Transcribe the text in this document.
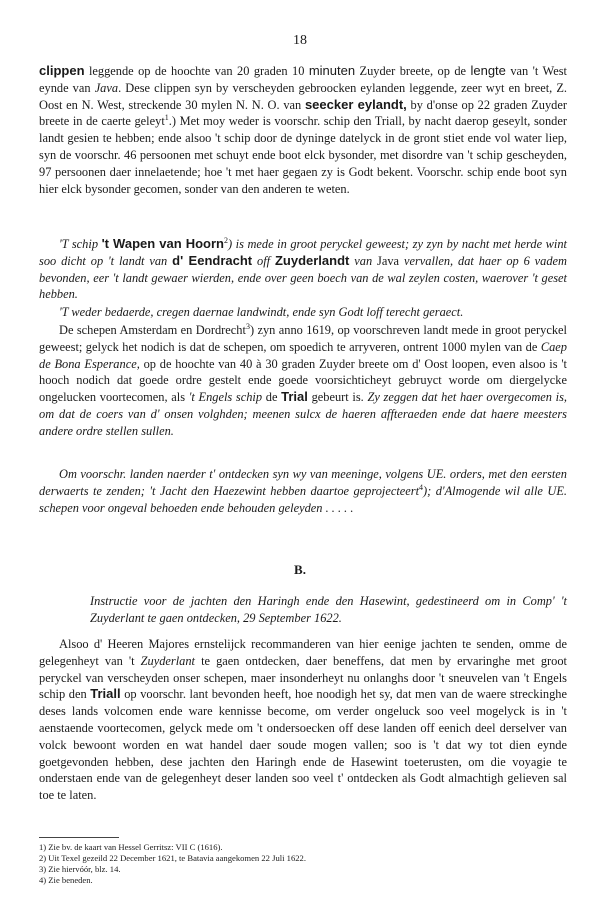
18

clippen leggende op de hoochte van 20 graden 10 minuten Zuyder breete, op de lengte van 't West eynde van Java. Dese clippen syn by verscheyden gebroocken eylanden leggende, zeer wyt en breet, Z. Oost en N. West, streckende 30 mylen N. N. O. van seecker eylandt, by d'onse op 22 graden Zuyder breete in de caerte geleyt$^1$.) Met moy weder is voorschr. schip den Triall, by nacht daerop geseylt, sonder landt gesien te hebben; ende alsoo 't schip door de dyninge datelyck in de gront stiet ende vol water liep, syn de voorschr. 46 persoonen met schuyt ende boot elck bysonder, met disordre van 't schip gescheyden, 97 persoonen daer innelaetende; hoe 't met haer gegaen zy is Godt bekent. Voorschr. schip ende boot syn hier elck bysonder gecomen, sonder van den anderen te weten.

'T schip 't Wapen van Hoorn$^2$) is mede in groot peryckel geweest; zy zyn by nacht met herde wint soo dicht op 't landt van d' Eendracht off Zuyderlandt van Java vervallen, dat haer op 6 vadem bevonden, eer 't landt gewaer wierden, ende over geen boech van de wal zeylen costen, waerover 't geset hebben.

'T weder bedaerde, cregen daernae landwindt, ende syn Godt loff terecht geraect.

De schepen Amsterdam en Dordrecht$^3$) zyn anno 1619, op voorschreven landt mede in groot peryckel geweest; gelyck het nodich is dat de schepen, om spoedich te arryveren, ontrent 1000 mylen van de Caep de Bona Esperance, op de hoochte van 40 à 30 graden Zuyder breete om d' Oost loopen, even alsoo is 't hooch nodich dat goede ordre gestelt ende goede voorsichticheyt gebruyct worde om diergelycke ongelucken voortecomen, als 't Engels schip de Trial gebeurt is. Zy zeggen dat het haer overgecomen is, om dat de coers van d' onsen volghden; meenen sulcx de haeren affteraeden ende dat haere meesters andere ordre stellen sullen.

Om voorschr. landen naerder t' ontdecken syn wy van meeninge, volgens UE. orders, met den eersten derwaerts te zenden; 't Jacht den Haezewint hebben daartoe geprojecteert$^4$); d'Almogende wil alle UE. schepen voor ongeval behoeden ende behouden geleyden . . . . .

B.

Instructie voor de jachten den Haringh ende den Hasewint, gedestineerd om in Comp' 't Zuyderlant te gaen ontdecken, 29 September 1622.

Alsoo d' Heeren Majores ernstelijck recommanderen van hier eenige jachten te senden, omme de gelegenheyt van 't Zuyderlant te gaen ontdecken, daer beneffens, dat men by ervaringhe met groot peryckel van verscheyden onser schepen, maer insonderheyt nu onlanghs door 't sneuvelen van 't Engels schip den Triall op voorschr. lant bevonden heeft, hoe noodigh het sy, dat men van de waere streckinghe deses lands volcomen ende ware kennisse become, om verder ongeluck soo veel mogelyck is in 't aenstaende voortecomen, gelyck mede om 't ondersoecken off dese landen off eenich deel derselver van volck bewoont worden en wat handel daer soude mogen vallen; soo is 't dat wy tot dien eynde goetgevonden hebben, dese jachten den Haringh ende de Hasewint toeterusten, om die voyagie te onderstaen ende van de gelegenheyt deser landen soo veel t' ontdecken als Godt almachtigh gelieven sal toe te laten.

1) Zie bv. de kaart van Hessel Gerritsz: VII C (1616).
2) Uit Texel gezeild 22 December 1621, te Batavia aangekomen 22 Juli 1622.
3) Zie hiervóór, blz. 14.
4) Zie beneden.
